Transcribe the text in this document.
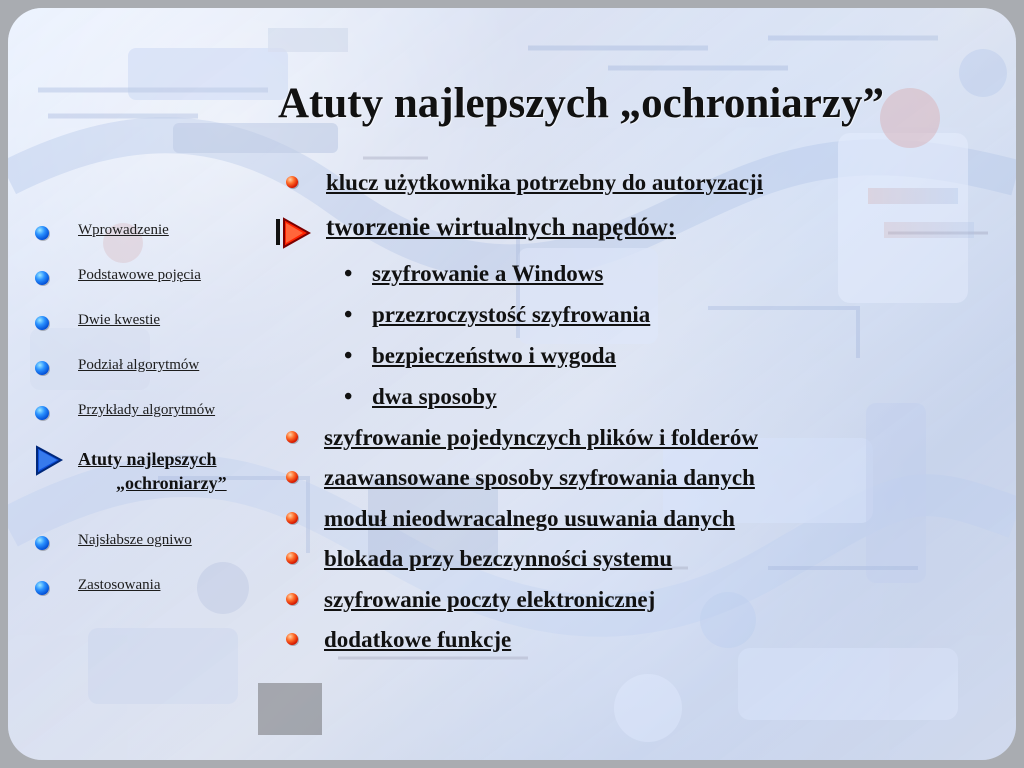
Atuty najlepszych „ochroniarzy”
Wprowadzenie
Podstawowe pojęcia
Dwie kwestie
Podział algorytmów
Przykłady algorytmów
Atuty najlepszych
„ochroniarzy”
Najsłabsze ogniwo
Zastosowania
klucz użytkownika potrzebny do autoryzacji
tworzenie wirtualnych napędów:
• szyfrowanie a Windows
• przezroczystość szyfrowania
• bezpieczeństwo i wygoda
• dwa sposoby
szyfrowanie pojedynczych plików i folderów
zaawansowane sposoby szyfrowania danych
moduł nieodwracalnego usuwania danych
blokada przy bezczynności systemu
szyfrowanie poczty elektronicznej
dodatkowe funkcje
